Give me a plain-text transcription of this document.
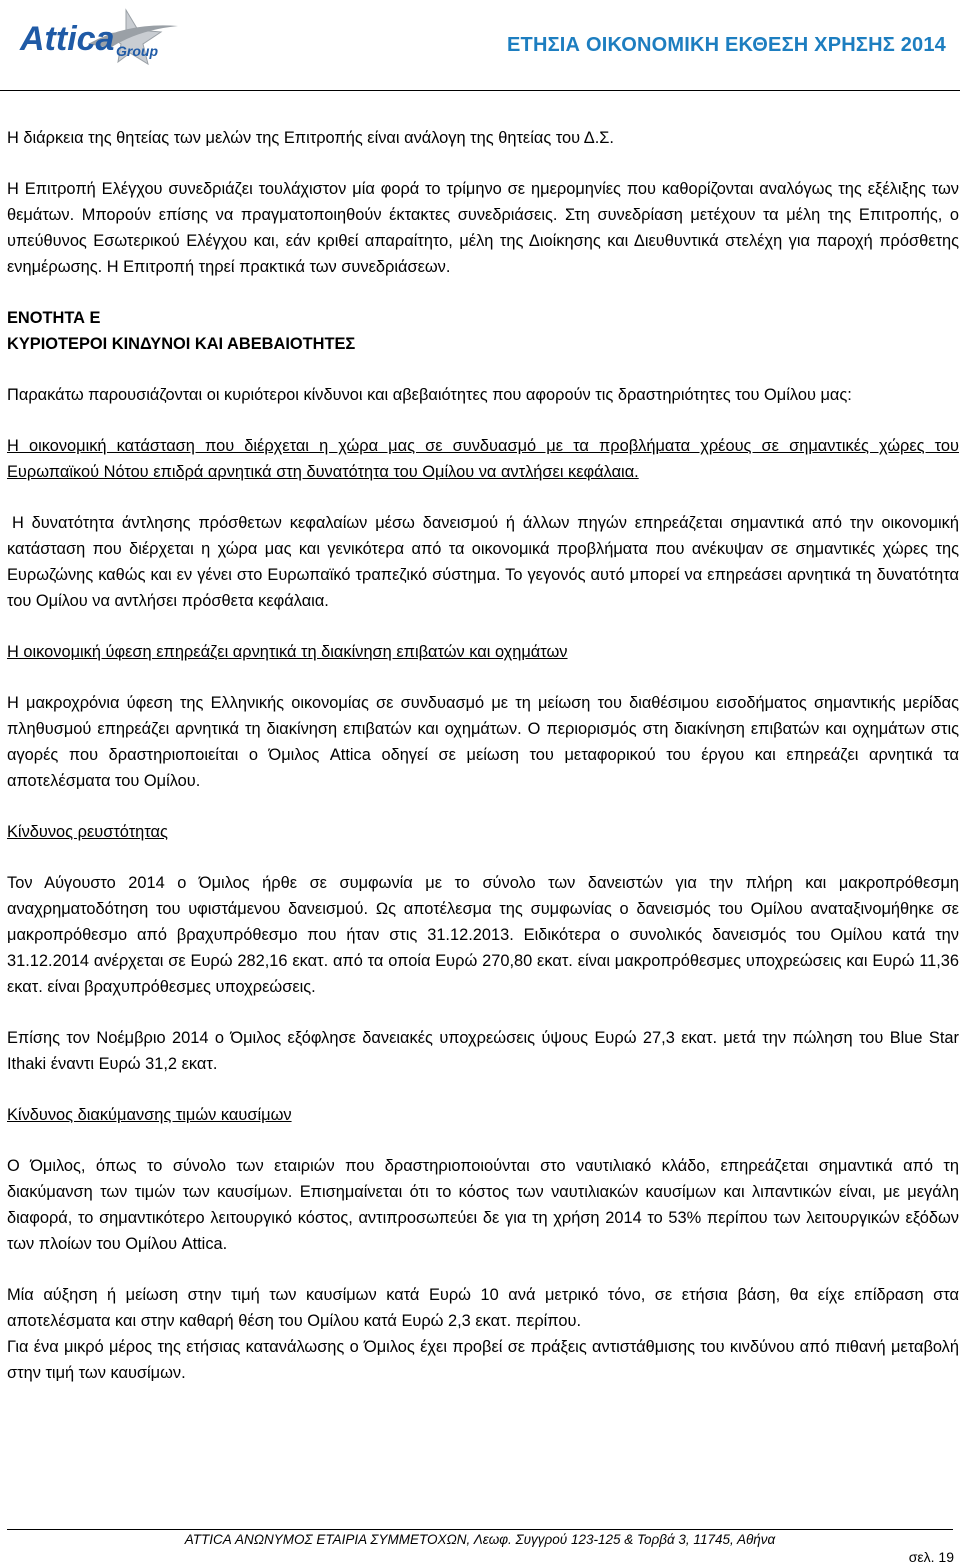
Attica Group	ΕΤΗΣΙΑ ΟΙΚΟΝΟΜΙΚΗ ΕΚΘΕΣΗ ΧΡΗΣΗΣ 2014

Η διάρκεια της θητείας των μελών της Επιτροπής είναι ανάλογη της θητείας του Δ.Σ.

Η Επιτροπή Ελέγχου συνεδριάζει τουλάχιστον μία φορά το τρίμηνο σε ημερομηνίες που καθορίζονται αναλόγως της εξέλιξης των θεμάτων. Μπορούν επίσης να πραγματοποιηθούν έκτακτες συνεδριάσεις. Στη συνεδρίαση μετέχουν τα μέλη της Επιτροπής, ο υπεύθυνος Εσωτερικού Ελέγχου και, εάν κριθεί απαραίτητο, μέλη της Διοίκησης και Διευθυντικά στελέχη για παροχή πρόσθετης ενημέρωσης. Η Επιτροπή τηρεί πρακτικά των συνεδριάσεων.

ΕΝΟΤΗΤΑ Ε

ΚΥΡΙΟΤΕΡΟΙ ΚΙΝΔΥΝΟΙ ΚΑΙ ΑΒΕΒΑΙΟΤΗΤΕΣ

Παρακάτω παρουσιάζονται οι κυριότεροι κίνδυνοι και αβεβαιότητες που αφορούν τις δραστηριότητες του Ομίλου μας:

Η οικονομική κατάσταση που διέρχεται η χώρα μας σε συνδυασμό με τα προβλήματα χρέους σε σημαντικές χώρες του Ευρωπαϊκού Νότου επιδρά αρνητικά στη δυνατότητα του Ομίλου να αντλήσει κεφάλαια.

Η δυνατότητα άντλησης πρόσθετων κεφαλαίων μέσω δανεισμού ή άλλων πηγών επηρεάζεται σημαντικά από την οικονομική κατάσταση που διέρχεται η χώρα μας και γενικότερα από τα οικονομικά προβλήματα που ανέκυψαν σε σημαντικές χώρες της Ευρωζώνης καθώς και εν γένει στο Ευρωπαϊκό τραπεζικό σύστημα. Το γεγονός αυτό μπορεί να επηρεάσει αρνητικά τη δυνατότητα του Ομίλου να αντλήσει πρόσθετα κεφάλαια.

Η οικονομική ύφεση επηρεάζει αρνητικά τη διακίνηση επιβατών και οχημάτων

Η μακροχρόνια ύφεση της Ελληνικής οικονομίας σε συνδυασμό με τη μείωση του διαθέσιμου εισοδήματος σημαντικής μερίδας πληθυσμού επηρεάζει αρνητικά τη διακίνηση επιβατών και οχημάτων. Ο περιορισμός στη διακίνηση επιβατών και οχημάτων στις αγορές που δραστηριοποιείται ο Όμιλος Attica οδηγεί σε μείωση του μεταφορικού του έργου και επηρεάζει αρνητικά τα αποτελέσματα του Ομίλου.

Κίνδυνος ρευστότητας

Τον Αύγουστο 2014 ο Όμιλος ήρθε σε συμφωνία με το σύνολο των δανειστών για την πλήρη και μακροπρόθεσμη αναχρηματοδότηση του υφιστάμενου δανεισμού. Ως αποτέλεσμα της συμφωνίας ο δανεισμός του Ομίλου αναταξινομήθηκε σε μακροπρόθεσμο από βραχυπρόθεσμο που ήταν στις 31.12.2013. Ειδικότερα ο συνολικός δανεισμός του Ομίλου κατά την 31.12.2014 ανέρχεται σε Ευρώ 282,16 εκατ. από τα οποία Ευρώ 270,80 εκατ. είναι μακροπρόθεσμες υποχρεώσεις και Ευρώ 11,36 εκατ. είναι βραχυπρόθεσμες υποχρεώσεις.

Επίσης τον Νοέμβριο 2014 ο Όμιλος εξόφλησε δανειακές υποχρεώσεις ύψους Ευρώ 27,3 εκατ. μετά την πώληση του Blue Star Ithaki έναντι Ευρώ 31,2 εκατ.

Κίνδυνος διακύμανσης τιμών καυσίμων

Ο Όμιλος, όπως το σύνολο των εταιριών που δραστηριοποιούνται στο ναυτιλιακό κλάδο, επηρεάζεται σημαντικά από τη διακύμανση των τιμών των καυσίμων. Επισημαίνεται ότι το κόστος των ναυτιλιακών καυσίμων και λιπαντικών είναι, με μεγάλη διαφορά, το σημαντικότερο λειτουργικό κόστος, αντιπροσωπεύει δε για τη χρήση 2014 το 53% περίπου των λειτουργικών εξόδων των πλοίων του Ομίλου Attica.

Μία αύξηση ή μείωση στην τιμή των καυσίμων κατά Ευρώ 10 ανά μετρικό τόνο, σε ετήσια βάση, θα είχε επίδραση στα αποτελέσματα και στην καθαρή θέση του Ομίλου κατά Ευρώ 2,3 εκατ. περίπου.

Για ένα μικρό μέρος της ετήσιας κατανάλωσης ο Όμιλος έχει προβεί σε πράξεις αντιστάθμισης του κινδύνου από πιθανή μεταβολή στην τιμή των καυσίμων.

ATTICA ΑΝΩΝΥΜΟΣ ΕΤΑΙΡΙΑ ΣΥΜΜΕΤΟΧΩΝ, Λεωφ. Συγγρού 123-125 & Τορβά 3, 11745, Αθήνα
σελ. 19
